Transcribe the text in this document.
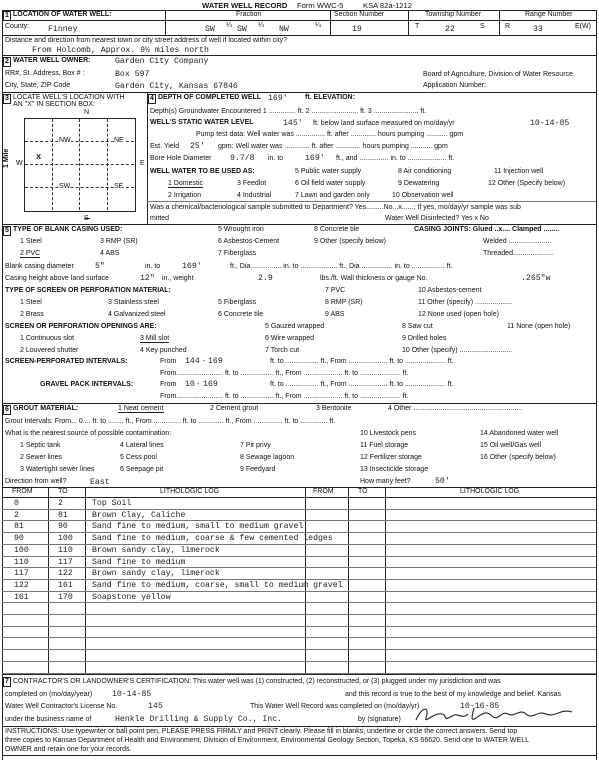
WATER WELL RECORD Form WWC-5	KSA 82a-1212
1 LOCATION OF WATER WELL:	Fraction
County: Finney	SW ¼ SW ¼ NW	¼
Section Number
19
Township Number
T	22	S
Range Number
R	33	E(W)
Distance and direction from nearest town or city street address of well if located within city?
From Holcomb, Approx. 9½ miles north
2 WATER WELL OWNER:	Garden City Company
RR#, St. Address, Box # :	Box 597	Board of Agriculture, Division of Water Resource
City, State, ZIP Code	Garden City, Kansas 67846	Application Number:
3 LOCATE WELL'S LOCATION WITH
AN "X" IN SECTION BOX:
N
S
W	E
1 Mile
NW	NE
SW	SE
X
4 DEPTH OF COMPLETED WELL 169' ft. ELEVATION:
Depth(s) Groundwater Encountered 1 .............. ft. 2 ........................ ft. 3 ....................... ft.
WELL'S STATIC WATER LEVEL	145' ft. below land surface measured on mo/day/yr	10-14-85
Pump test data: Well water was ............... ft. after ............. hours pumping ........... gpm
Est. Yield 25' gpm: Well water was ............. ft. after ............. hours pumping ........... gpm
Bore Hole Diameter 9.7/8	169'
in. to	ft., and ............... in. to .................... ft.
WELL WATER TO BE USED AS:	5 Public water supply	8 Air conditioning	11 Injection well
1 Domestic	3 Feedlot	6 Oil field water supply	9 Dewatering	12 Other (Specify below)
2 Irrigation	4 Industrial	7 Lawn and garden only	10 Observation well
Was a chemical/bacteriological sample submitted to Department? Yes.........No...x......; If yes, mo/day/yr sample was sub
mitted	Water Well Disinfected? Yes x No
5 TYPE OF BLANK CASING USED:
1 Steel
2 PVC
3 RMP (SR)
4 ABS
5 Wrought iron
6 Asbestos-Cement
7 Fiberglass
8 Concrete tile
9 Other (specify below)
CASING JOINTS: Glued ..x.... Clamped ........
Welded ......................
Threaded.....................
Blank casing diameter	5"	in. to	169'	ft., Dia ............... in. to ................... ft., Dia ................ in. to ................. ft.
Casing height above land surface	12" in., weight	2.9	lbs./ft. Wall thickness or gauge No.	.265"w
TYPE OF SCREEN OR PERFORATION MATERIAL:
1 Steel
2 Brass
3 Stainless steel
4 Galvanized steel
5 Fiberglass
6 Concrete tile
7 PVC
8 RMP (SR)
9 ABS
10 Asbestos-cement
11 Other (specify) ...................
12 None used (open hole)
SCREEN OR PERFORATION OPENINGS ARE:
1 Continuous slot
2 Louvered shutter
3 Mill slot
4 Key punched
5 Gauzed wrapped
6 Wire wrapped
7 Torch cut
8 Saw cut
9 Drilled holes
10 Other (specify) ...........................
11 None (open hole)
SCREEN-PERFORATED INTERVALS:	From 144 - 169	ft. to ................. ft., From .................... ft. to ..................... ft.
From........................ ft. to ................. ft., From .................... ft. to ..................... ft.
GRAVEL PACK INTERVALS:	From 10 - 169	ft. to ................. ft., From .................... ft. to ..................... ft.
From........................ ft. to ................. ft., From .................... ft. to ..................... ft.
6 GROUT MATERIAL:	1 Neat cement	2 Cement grout	3 Bentonite	4 Other ........................................................
Grout Intervals: From... 0.... ft. to ........ ft., From .............. ft. to ............. ft., From ............... ft. to .............. ft.
What is the nearest source of possible contamination:
1 Septic tank
2 Sewer lines
3 Watertight sewer lines
4 Lateral lines
5 Cess pool
6 Seepage pit
7 Pit privy
8 Sewage lagoon
9 Feedyard
10 Livestock pens
11 Fuel storage
12 Fertilizer storage
13 Insecticide storage
14 Abandoned water well
15 Oil well/Gas well
16 Other (specify below)
Direction from well?	East	How many feet?	50'
FROM	TO	LITHOLOGIC LOG	FROM	TO	LITHOLOGIC LOG
0	2	Top Soil
2	81	Brown Clay, Caliche
81	90	Sand fine to medium, small to medium gravel
90	100 Sand fine to medium, coarse & few cemented ledges
100	110 Brown sandy clay, limerock
110	117 Sand fine to medium
117	122 Brown sandy clay, limerock
122	161 Sand fine to medium, coarse, small to medium gravel
161	170 Soapstone yellow
7 CONTRACTOR'S OR LANDOWNER'S CERTIFICATION: This water well was (1) constructed, (2) reconstructed, or (3) plugged under my jurisdiction and was
completed on (mo/day/year) 10-14-85	and this record is true to the best of my knowledge and belief. Kansas
Water Well Contractor's License No.	145	This Water Well Record was completed on (mo/day/yr)	10-16-85
under the business name of	Henkle Drilling & Supply Co., Inc.	by (signature)
INSTRUCTIONS: Use typewriter or ball point pen, PLEASE PRESS FIRMLY and PRINT clearly. Please fill in blanks, underline or circle the correct answers. Send top
three copies to Kansas Department of Health and Environment, Division of Environment, Environmental Geology Section, Topeka, KS 66620. Send one to WATER WELL
OWNER and retain one for your records.
